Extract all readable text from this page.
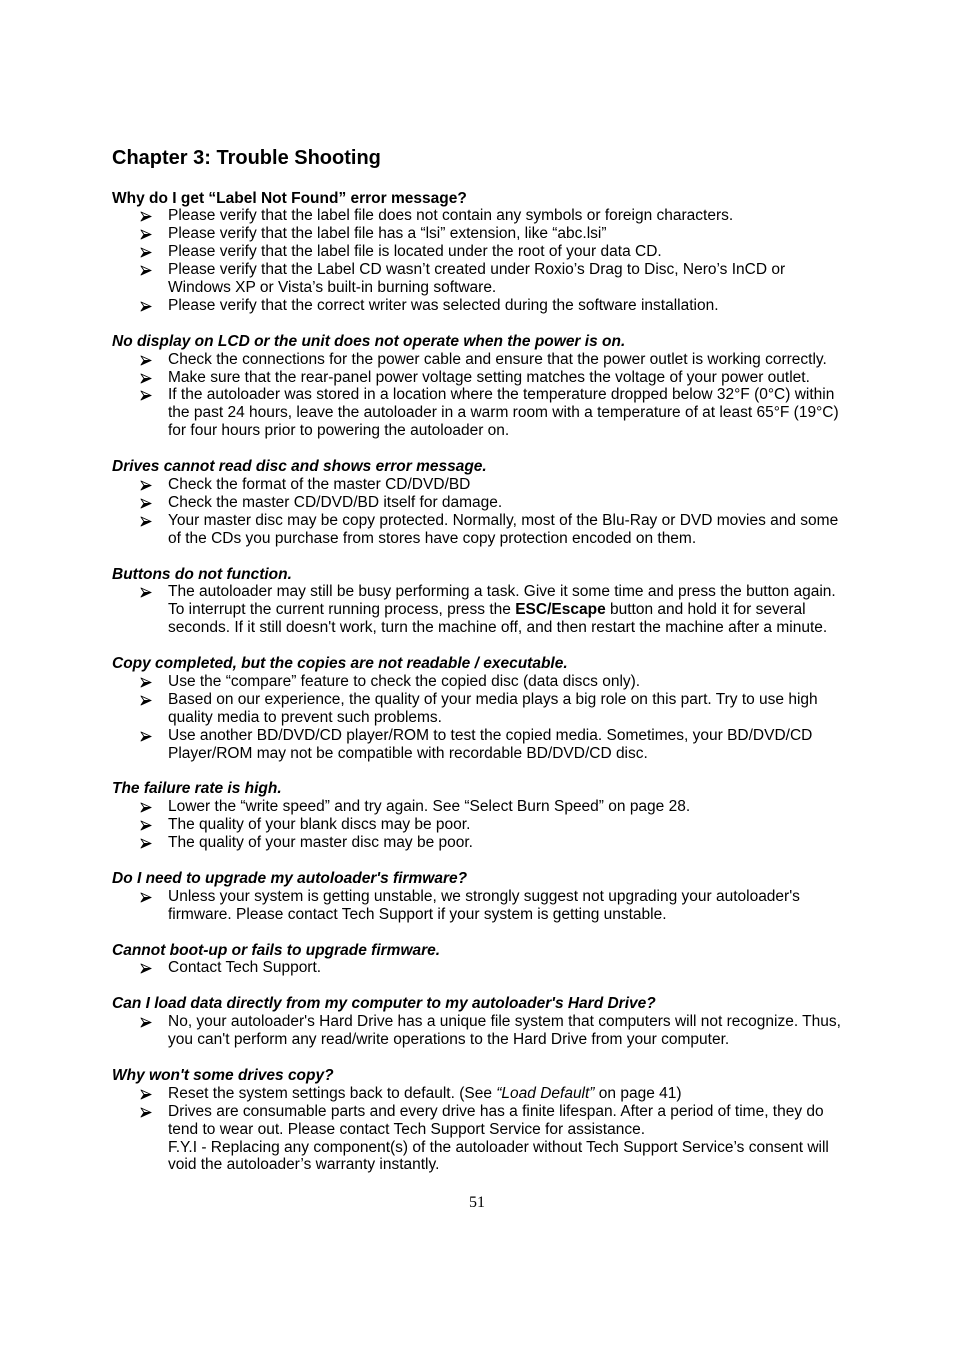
Chapter 3: Trouble Shooting
Why do I get “Label Not Found” error message?
Please verify that the label file does not contain any symbols or foreign characters.
Please verify that the label file has a “lsi” extension, like “abc.lsi”
Please verify that the label file is located under the root of your data CD.
Please verify that the Label CD wasn’t created under Roxio’s Drag to Disc, Nero’s InCD or
Windows XP or Vista’s built-in burning software.
Please verify that the correct writer was selected during the software installation.
No display on LCD or the unit does not operate when the power is on.
Check the connections for the power cable and ensure that the power outlet is working correctly.
Make sure that the rear-panel power voltage setting matches the voltage of your power outlet.
If the autoloader was stored in a location where the temperature dropped below 32°F (0°C) within
the past 24 hours, leave the autoloader in a warm room with a temperature of at least 65°F (19°C)
for four hours prior to powering the autoloader on.
Drives cannot read disc and shows error message.
Check the format of the master CD/DVD/BD
Check the master CD/DVD/BD itself for damage.
Your master disc may be copy protected. Normally, most of the Blu-Ray or DVD movies and some
of the CDs you purchase from stores have copy protection encoded on them.
Buttons do not function.
The autoloader may still be busy performing a task. Give it some time and press the button again.
To interrupt the current running process, press the ESC/Escape button and hold it for several
seconds. If it still doesn't work, turn the machine off, and then restart the machine after a minute.
Copy completed, but the copies are not readable / executable.
Use the “compare” feature to check the copied disc (data discs only).
Based on our experience, the quality of your media plays a big role on this part. Try to use high
quality media to prevent such problems.
Use another BD/DVD/CD player/ROM to test the copied media. Sometimes, your BD/DVD/CD
Player/ROM may not be compatible with recordable BD/DVD/CD disc.
The failure rate is high.
Lower the “write speed” and try again. See “Select Burn Speed” on page 28.
The quality of your blank discs may be poor.
The quality of your master disc may be poor.
Do I need to upgrade my autoloader's firmware?
Unless your system is getting unstable, we strongly suggest not upgrading your autoloader's
firmware. Please contact Tech Support if your system is getting unstable.
Cannot boot-up or fails to upgrade firmware.
Contact Tech Support.
Can I load data directly from my computer to my autoloader's Hard Drive?
No, your autoloader's Hard Drive has a unique file system that computers will not recognize. Thus,
you can't perform any read/write operations to the Hard Drive from your computer.
Why won't some drives copy?
Reset the system settings back to default. (See “Load Default” on page 41)
Drives are consumable parts and every drive has a finite lifespan. After a period of time, they do
tend to wear out. Please contact Tech Support Service for assistance.
F.Y.I - Replacing any component(s) of the autoloader without Tech Support Service’s consent will
void the autoloader’s warranty instantly.
51
